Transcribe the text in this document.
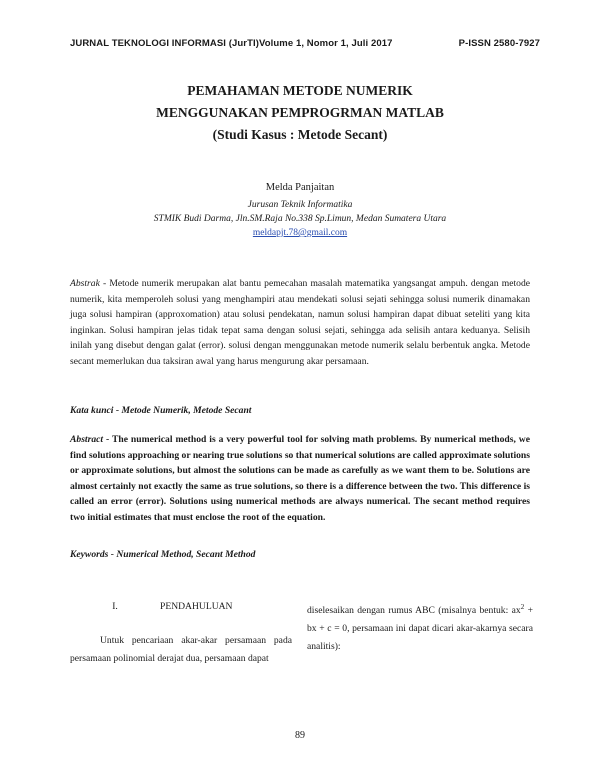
JURNAL TEKNOLOGI INFORMASI (JurTI)Volume 1, Nomor 1, Juli 2017	P-ISSN 2580-7927
PEMAHAMAN METODE NUMERIK
MENGGUNAKAN PEMPROGRMAN MATLAB
(Studi Kasus : Metode Secant)
Melda Panjaitan
Jurusan Teknik Informatika
STMIK Budi Darma, Jln.SM.Raja No.338 Sp.Limun, Medan Sumatera Utara
meldapjt.78@gmail.com
Abstrak - Metode numerik merupakan alat bantu pemecahan masalah matematika yangsangat ampuh. dengan metode numerik, kita memperoleh solusi yang menghampiri atau mendekati solusi sejati sehingga solusi numerik dinamakan juga solusi hampiran (approxomation) atau solusi pendekatan, namun solusi hampiran dapat dibuat seteliti yang kita inginkan. Solusi hampiran jelas tidak tepat sama dengan solusi sejati, sehingga ada selisih antara keduanya. Selisih inilah yang disebut dengan galat (error). solusi dengan menggunakan metode numerik selalu berbentuk angka. Metode secant memerlukan dua taksiran awal yang harus mengurung akar persamaan.
Kata kunci - Metode Numerik, Metode Secant
Abstract - The numerical method is a very powerful tool for solving math problems. By numerical methods, we find solutions approaching or nearing true solutions so that numerical solutions are called approximate solutions or approximate solutions, but almost the solutions can be made as carefully as we want them to be. Solutions are almost certainly not exactly the same as true solutions, so there is a difference between the two. This difference is called an error (error). Solutions using numerical methods are always numerical. The secant method requires two initial estimates that must enclose the root of the equation.
Keywords - Numerical Method, Secant Method
I.	PENDAHULUAN
Untuk pencariaan akar-akar persamaan pada persamaan polinomial derajat dua, persamaan dapat
diselesaikan dengan rumus ABC (misalnya bentuk: $ax^2$ + bx + c = 0, persamaan ini dapat dicari akar-akarnya secara analitis):
89
